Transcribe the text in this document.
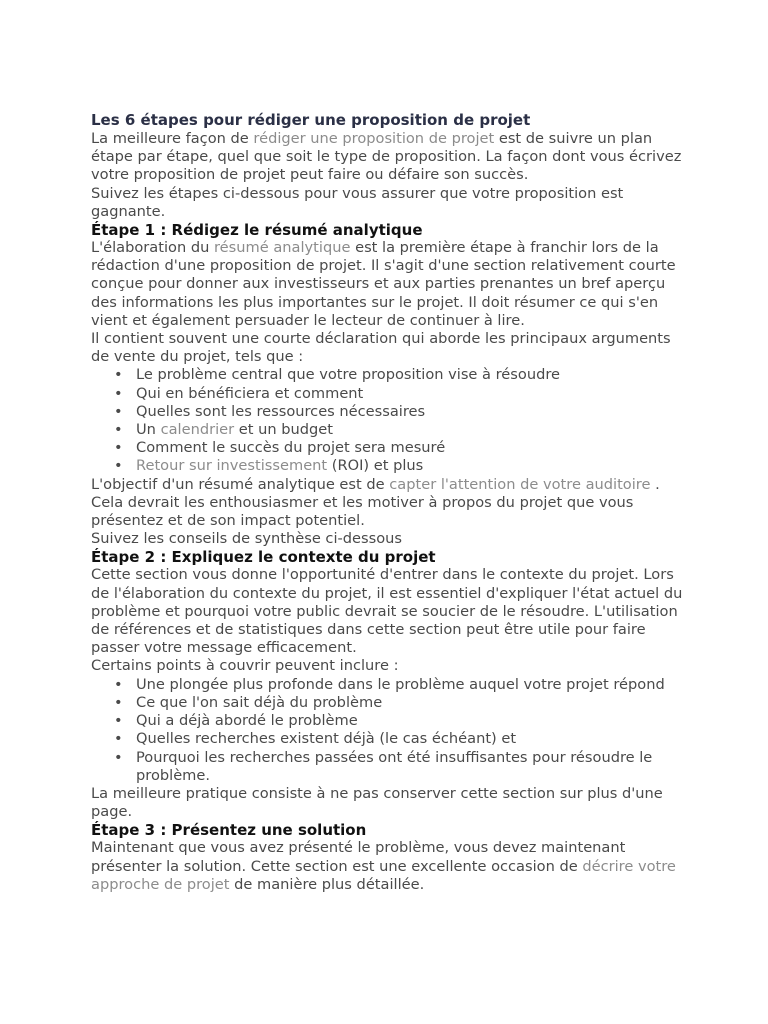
Les 6 étapes pour rédiger une proposition de projet

La meilleure façon de rédiger une proposition de projet est de suivre un plan étape par étape, quel que soit le type de proposition. La façon dont vous écrivez votre proposition de projet peut faire ou défaire son succès.

Suivez les étapes ci-dessous pour vous assurer que votre proposition est gagnante.

Étape 1 : Rédigez le résumé analytique

L'élaboration du résumé analytique est la première étape à franchir lors de la rédaction d'une proposition de projet. Il s'agit d'une section relativement courte conçue pour donner aux investisseurs et aux parties prenantes un bref aperçu des informations les plus importantes sur le projet. Il doit résumer ce qui s'en vient et également persuader le lecteur de continuer à lire.

Il contient souvent une courte déclaration qui aborde les principaux arguments de vente du projet, tels que :

• Le problème central que votre proposition vise à résoudre
• Qui en bénéficiera et comment
• Quelles sont les ressources nécessaires
• Un calendrier et un budget
• Comment le succès du projet sera mesuré
• Retour sur investissement (ROI) et plus

L'objectif d'un résumé analytique est de capter l'attention de votre auditoire . Cela devrait les enthousiasmer et les motiver à propos du projet que vous présentez et de son impact potentiel.

Suivez les conseils de synthèse ci-dessous

Étape 2 : Expliquez le contexte du projet

Cette section vous donne l'opportunité d'entrer dans le contexte du projet. Lors de l'élaboration du contexte du projet, il est essentiel d'expliquer l'état actuel du problème et pourquoi votre public devrait se soucier de le résoudre. L'utilisation de références et de statistiques dans cette section peut être utile pour faire passer votre message efficacement.

Certains points à couvrir peuvent inclure :

• Une plongée plus profonde dans le problème auquel votre projet répond
• Ce que l'on sait déjà du problème
• Qui a déjà abordé le problème
• Quelles recherches existent déjà (le cas échéant) et
• Pourquoi les recherches passées ont été insuffisantes pour résoudre le problème.

La meilleure pratique consiste à ne pas conserver cette section sur plus d'une page.

Étape 3 : Présentez une solution

Maintenant que vous avez présenté le problème, vous devez maintenant présenter la solution. Cette section est une excellente occasion de décrire votre approche de projet de manière plus détaillée.
